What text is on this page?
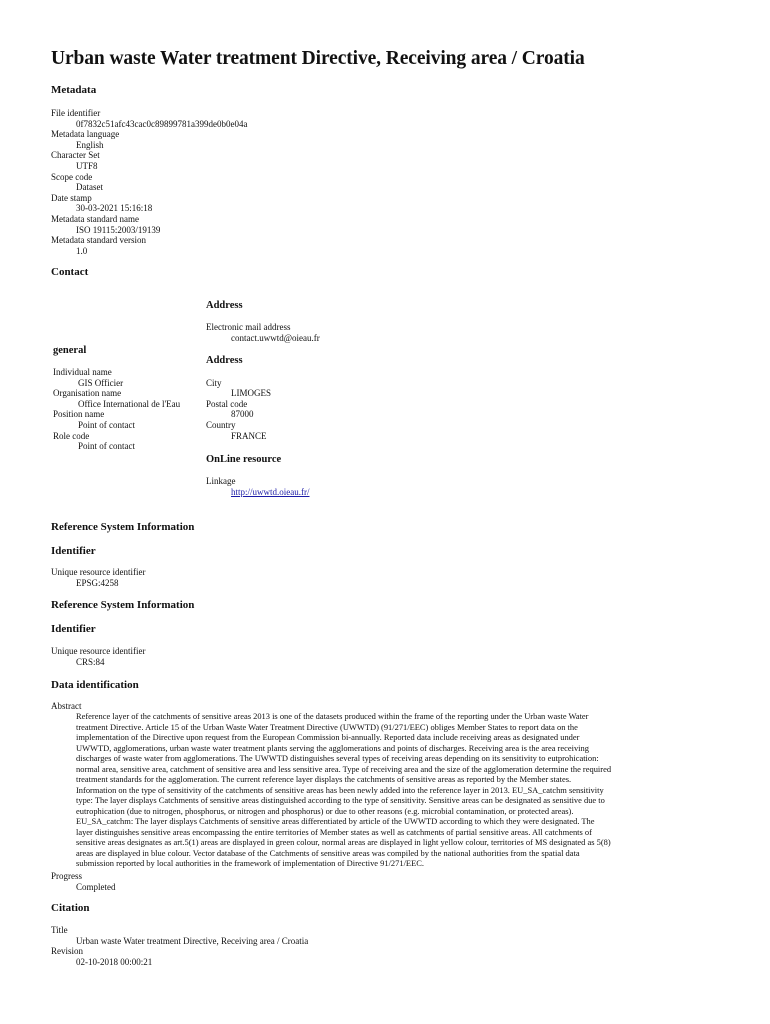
Urban waste Water treatment Directive, Receiving area / Croatia
Metadata
File identifier
0f7832c51afc43cac0c89899781a399de0b0e04a
Metadata language
English
Character Set
UTF8
Scope code
Dataset
Date stamp
30-03-2021 15:16:18
Metadata standard name
ISO 19115:2003/19139
Metadata standard version
1.0
Contact
general
Individual name
GIS Officier
Organisation name
Office International de l'Eau
Position name
Point of contact
Role code
Point of contact
Address
Electronic mail address
contact.uwwtd@oieau.fr
Address
City
LIMOGES
Postal code
87000
Country
FRANCE
OnLine resource
Linkage
http://uwwtd.oieau.fr/
Reference System Information
Identifier
Unique resource identifier
EPSG:4258
Reference System Information
Identifier
Unique resource identifier
CRS:84
Data identification
Abstract
Reference layer of the catchments of sensitive areas 2013 is one of the datasets produced within the frame of the reporting under the Urban waste Water
treatment Directive. Article 15 of the Urban Waste Water Treatment Directive (UWWTD) (91/271/EEC) obliges Member States to report data on the
implementation of the Directive upon request from the European Commission bi-annually. Reported data include receiving areas as designated under
UWWTD, agglomerations, urban waste water treatment plants serving the agglomerations and points of discharges. Receiving area is the area receiving
discharges of waste water from agglomerations. The UWWTD distinguishes several types of receiving areas depending on its sensitivity to eutprohication:
normal area, sensitive area, catchment of sensitive area and less sensitive area. Type of receiving area and the size of the agglomeration determine the required
treatment standards for the agglomeration. The current reference layer displays the catchments of sensitive areas as reported by the Member states.
Information on the type of sensitivity of the catchments of sensitive areas has been newly added into the reference layer in 2013. EU_SA_catchm sensitivity
type: The layer displays Catchments of sensitive areas distinguished according to the type of sensitivity. Sensitive areas can be designated as sensitive due to
eutrophication (due to nitrogen, phosphorus, or nitrogen and phosphorus) or due to other reasons (e.g. microbial contamination, or protected areas).
EU_SA_catchm: The layer displays Catchments of sensitive areas differentiated by article of the UWWTD according to which they were designated. The
layer distinguishes sensitive areas encompassing the entire territories of Member states as well as catchments of partial sensitive areas. All catchments of
sensitive areas designates as art.5(1) areas are displayed in green colour, normal areas are displayed in light yellow colour, territories of MS designated as 5(8)
areas are displayed in blue colour. Vector database of the Catchments of sensitive areas was compiled by the national authorities from the spatial data
submission reported by local authorities in the framework of implementation of Directive 91/271/EEC.
Progress
Completed
Citation
Title
Urban waste Water treatment Directive, Receiving area / Croatia
Revision
02-10-2018 00:00:21
